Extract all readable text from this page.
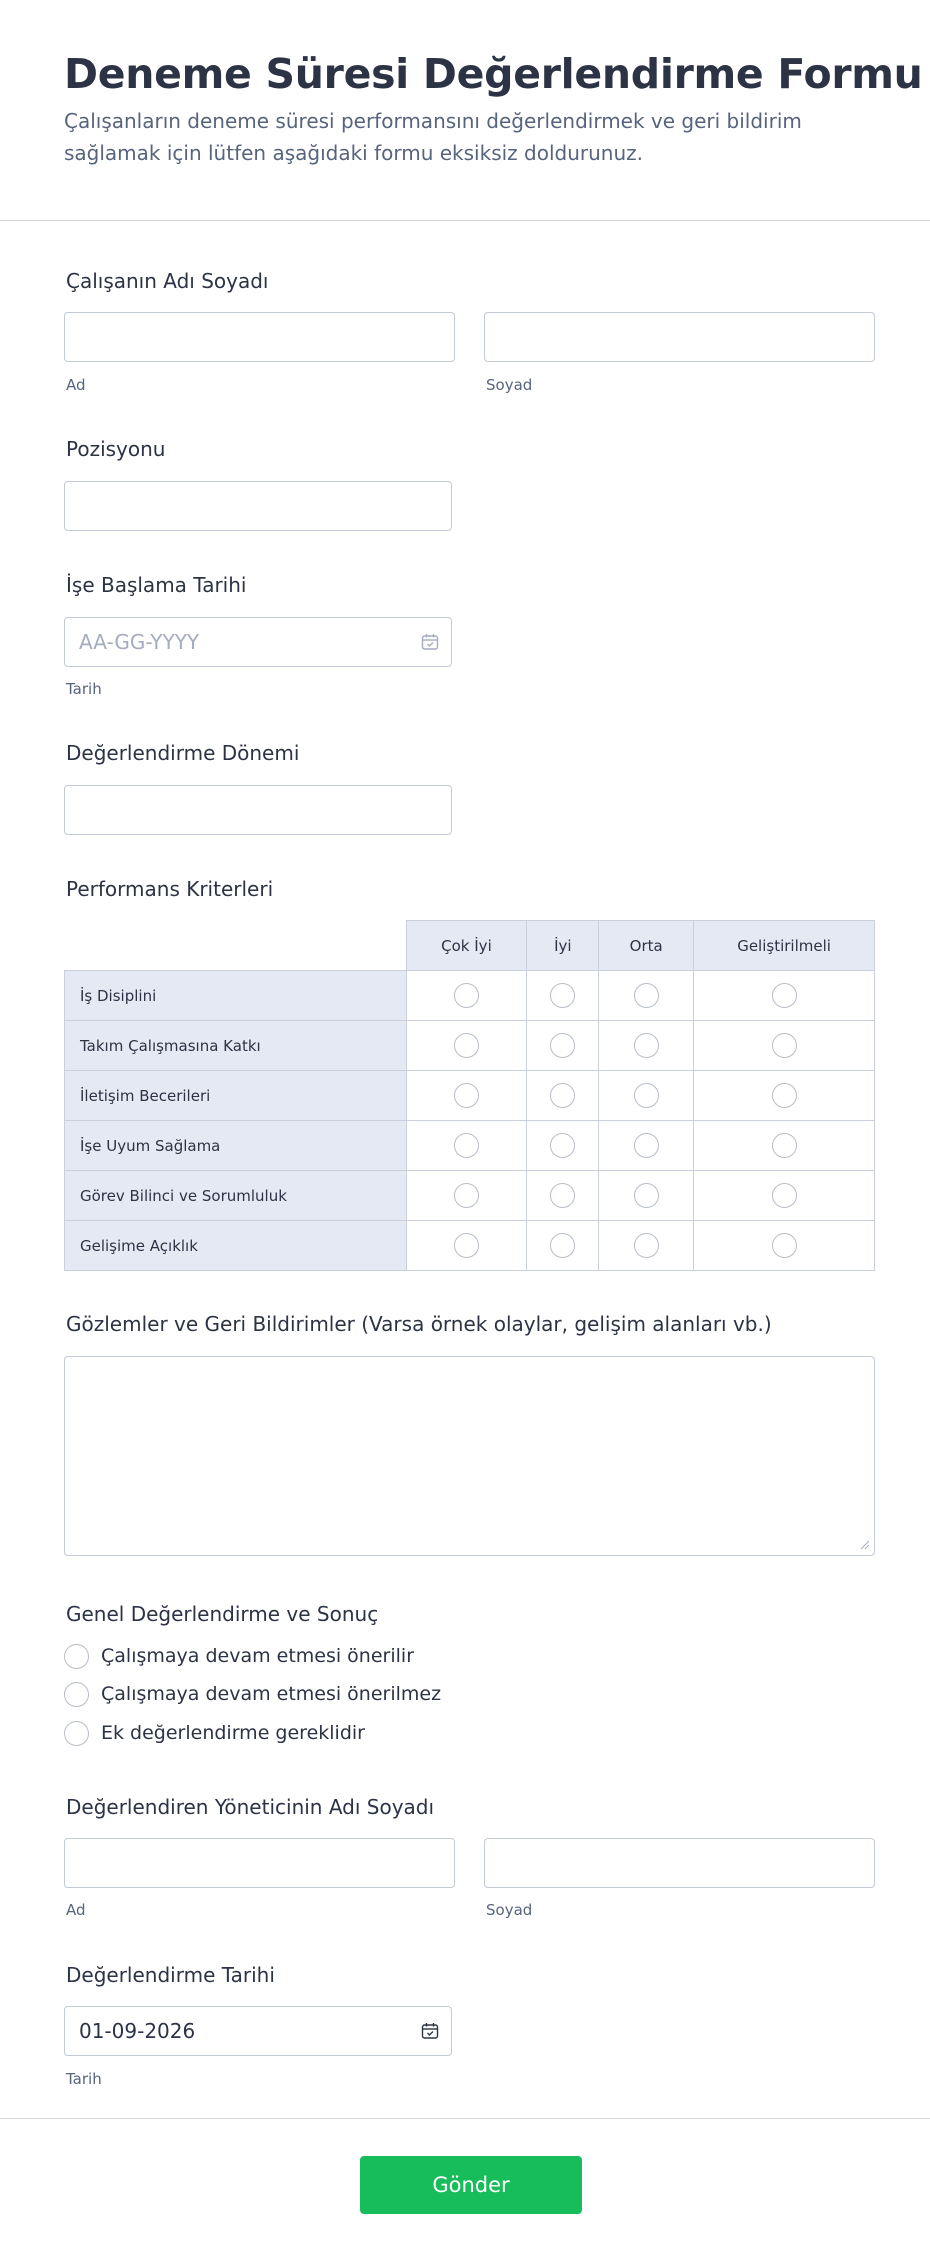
Deneme Süresi Değerlendirme Formu

Çalışanların deneme süresi performansını değerlendirmek ve geri bildirim sağlamak için lütfen aşağıdaki formu eksiksiz doldurunuz.

Çalışanın Adı Soyadı
Ad	Soyad
Pozisyonu
İşe Başlama Tarihi
AA-GG-YYYY
Tarih
Değerlendirme Dönemi
Performans Kriterleri
	Çok İyi	İyi	Orta	Geliştirilmeli
İş Disiplini				
Takım Çalışmasına Katkı				
İletişim Becerileri				
İşe Uyum Sağlama				
Görev Bilinci ve Sorumluluk				
Gelişime Açıklık				
Gözlemler ve Geri Bildirimler (Varsa örnek olaylar, gelişim alanları vb.)
Genel Değerlendirme ve Sonuç
Çalışmaya devam etmesi önerilir
Çalışmaya devam etmesi önerilmez
Ek değerlendirme gereklidir
Değerlendiren Yöneticinin Adı Soyadı
Ad	Soyad
Değerlendirme Tarihi
01-09-2026
Tarih
Gönder
